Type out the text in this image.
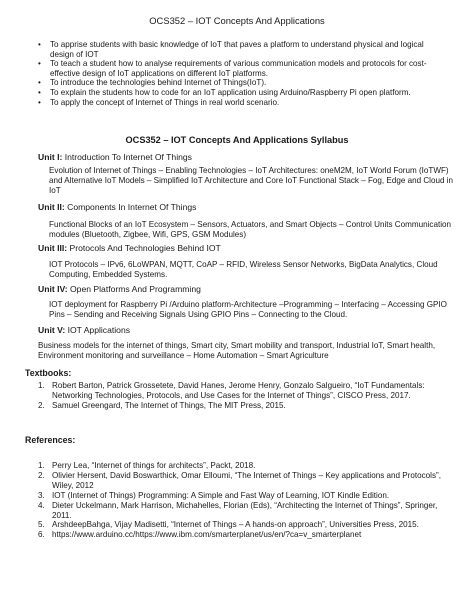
OCS352 – IOT Concepts And Applications
• To apprise students with basic knowledge of IoT that paves a platform to understand physical and logical design of IOT
• To teach a student how to analyse requirements of various communication models and protocols for cost-effective design of IoT applications on different IoT platforms.
• To introduce the technologies behind Internet of Things(IoT).
• To explain the students how to code for an IoT application using Arduino/Raspberry Pi open platform.
• To apply the concept of Internet of Things in real world scenario.
OCS352 – IOT Concepts And Applications Syllabus
Unit I: Introduction To Internet Of Things
Evolution of Internet of Things – Enabling Technologies – IoT Architectures: oneM2M, IoT World Forum (IoTWF) and Alternative IoT Models – Simplified IoT Architecture and Core IoT Functional Stack – Fog, Edge and Cloud in IoT
Unit II: Components In Internet Of Things
Functional Blocks of an IoT Ecosystem – Sensors, Actuators, and Smart Objects – Control Units Communication modules (Bluetooth, Zigbee, Wifi, GPS, GSM Modules)
Unit III: Protocols And Technologies Behind IOT
IOT Protocols – IPv6, 6LoWPAN, MQTT, CoAP – RFID, Wireless Sensor Networks, BigData Analytics, Cloud Computing, Embedded Systems.
Unit IV: Open Platforms And Programming
IOT deployment for Raspberry Pi /Arduino platform-Architecture –Programming – Interfacing – Accessing GPIO Pins – Sending and Receiving Signals Using GPIO Pins – Connecting to the Cloud.
Unit V: IOT Applications
Business models for the internet of things, Smart city, Smart mobility and transport, Industrial IoT, Smart health, Environment monitoring and surveillance – Home Automation – Smart Agriculture
Textbooks:
1. Robert Barton, Patrick Grossetete, David Hanes, Jerome Henry, Gonzalo Salgueiro, “IoT Fundamentals: Networking Technologies, Protocols, and Use Cases for the Internet of Things”, CISCO Press, 2017.
2. Samuel Greengard, The Internet of Things, The MIT Press, 2015.
References:
1. Perry Lea, “Internet of things for architects”, Packt, 2018.
2. Olivier Hersent, David Boswarthick, Omar Elloumi, “The Internet of Things – Key applications and Protocols”, Wiley, 2012
3. IOT (Internet of Things) Programming: A Simple and Fast Way of Learning, IOT Kindle Edition.
4. Dieter Uckelmann, Mark Harrison, Michahelles, Florian (Eds), “Architecting the Internet of Things”, Springer, 2011.
5. ArshdeepBahga, Vijay Madisetti, “Internet of Things – A hands-on approach”, Universities Press, 2015.
6. https://www.arduino.cc/https://www.ibm.com/smarterplanet/us/en/?ca=v_smarterplanet
